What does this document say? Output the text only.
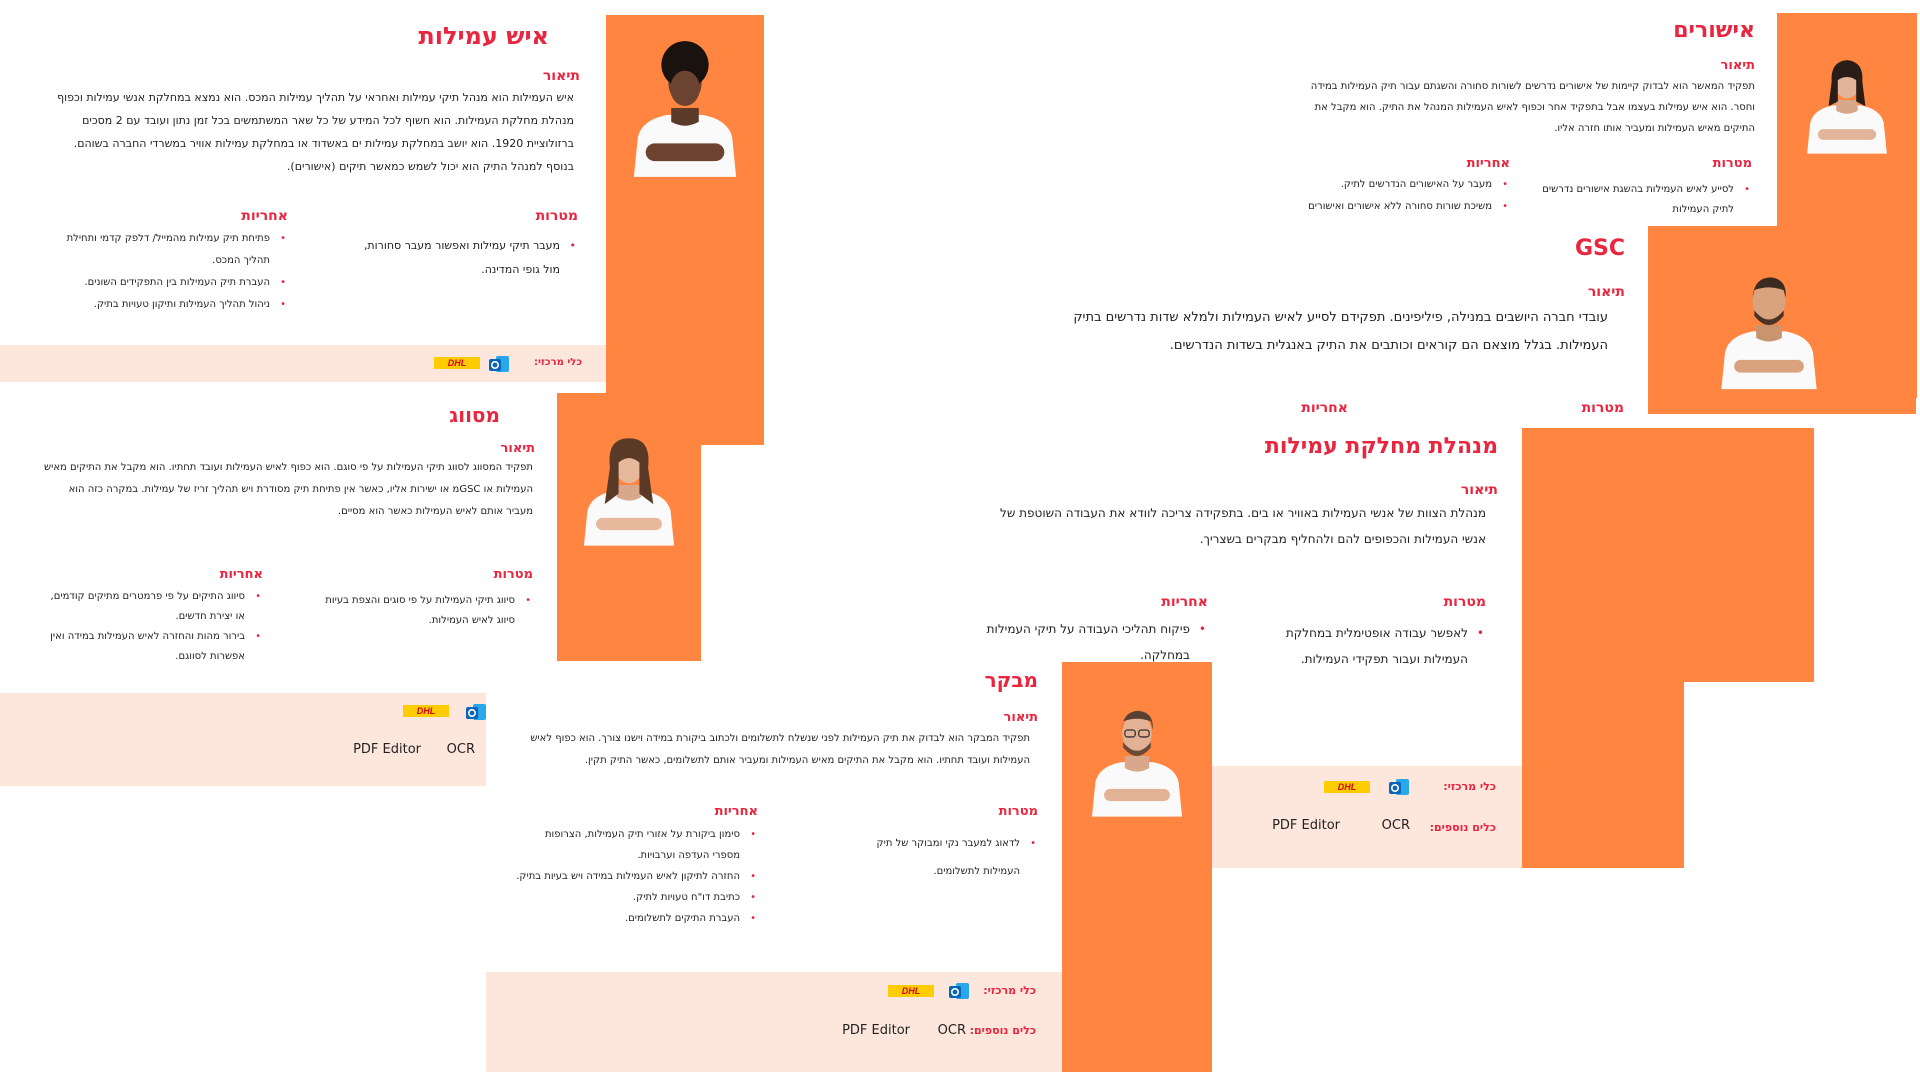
אישורים
תיאור
תפקיד המאשר הוא לבדוק קיימות של אישורים נדרשים לשורות סחורה והשגתם עבור תיק העמילות במידה וחסר. הוא איש עמילות בעצמו אבל בתפקיד אחר וכפוף לאיש העמילות המנהל את התיק. הוא מקבל את התיקים מאיש העמילות ומעביר אותו חזרה אליו.
מטרות
• לסייע לאיש העמילות בהשגת אישורים נדרשים לתיק העמילות
אחריות
• מעבר על האישורים הנדרשים לתיק.
• משיכת שורות סחורה ללא אישורים ואישורים
GSC
תיאור
עובדי חברה היושבים במנילה, פיליפינים. תפקידם לסייע לאיש העמילות ולמלא שדות נדרשים בתיק העמילות. בגלל מוצאם הם קוראים וכותבים את התיק באנגלית בשדות הנדרשים.
מטרות
אחריות
מנהלת מחלקת עמילות
תיאור
מנהלת הצוות של אנשי העמילות באוויר או בים. בתפקידה צריכה לוודא את העבודה השוטפת של אנשי העמילות והכפופים להם ולהחליף מבקרים בשצריך.
מטרות
• לאפשר עבודה אופטימלית במחלקת העמילות ועבור תפקידי העמילות.
אחריות
• פיקוח תהליכי העבודה על תיקי העמילות במחלקה.
כלי מרכזי:
DHL
כלים נוספים:
OCR
PDF Editor
איש עמילות
תיאור
איש העמילות הוא מנהל תיקי עמילות ואחראי על תהליך עמילות המכס. הוא נמצא במחלקת אנשי עמילות וכפוף מנהלת מחלקת העמילות. הוא חשוף לכל המידע של כל שאר המשתמשים בכל זמן נתון ועובד עם 2 מסכים ברזולוציית 1920. הוא יושב במחלקת עמילות ים באשדוד או במחלקת עמילות אוויר במשרדי החברה בשוהם. בנוסף למנהל התיק הוא יכול לשמש כמאשר תיקים (אישורים).
מטרות
• מעבר תיקי עמילות ואפשור מעבר סחורות, מול גופי המדינה.
אחריות
• פתיחת תיק עמילות מהמייל/ דלפק קדמי ותחילת תהליך המכס.
• העברת תיק העמילות בין התפקידים השונים.
• ניהול תהליך העמילות ותיקון טעויות בתיק.
כלי מרכזי:
DHL
מסווג
תיאור
תפקיד המסווג לסווג תיקי העמילות על פי סוגם. הוא כפוף לאיש העמילות ועובד תחתיו. הוא מקבל את התיקים מאיש העמילות או GSCמ או ישירות אליו, כאשר אין פתיחת תיק מסודרת ויש תהליך זריז של עמילות. במקרה כזה הוא מעביר אותם לאיש העמילות כאשר הוא מסיים.
מטרות
• סיווג תיקי העמילות על פי סוגים והצפת בעיות סיווג לאיש העמילות.
אחריות
• סיווג התיקים על פי פרמטרים מתיקים קודמים, או יצירת חדשים.
• בירור מהות והחזרה לאיש העמילות במידה ואין אפשרות לסווגם.
DHL
OCR
PDF Editor
מבקר
תיאור
תפקיד המבקר הוא לבדוק את תיק העמילות לפני שנשלח לתשלומים ולכתוב ביקורת במידה וישנו צורך. הוא כפוף לאיש העמילות ועובד תחתיו. הוא מקבל את התיקים מאיש העמילות ומעביר אותם לתשלומים, כאשר התיק תקין.
מטרות
• לדאוג למעבר נקי ומבוקר של תיק העמילות לתשלומים.
אחריות
• סימון ביקורת על אזורי תיק העמילות, הצרופות מספרי העדפה וערבויות.
• החזרה לתיקון לאיש העמילות במידה ויש בעיות בתיק.
• כתיבת דו"ח טעויות לתיק.
• העברת התיקים לתשלומים.
כלי מרכזי:
DHL
כלים נוספים:
OCR
PDF Editor
